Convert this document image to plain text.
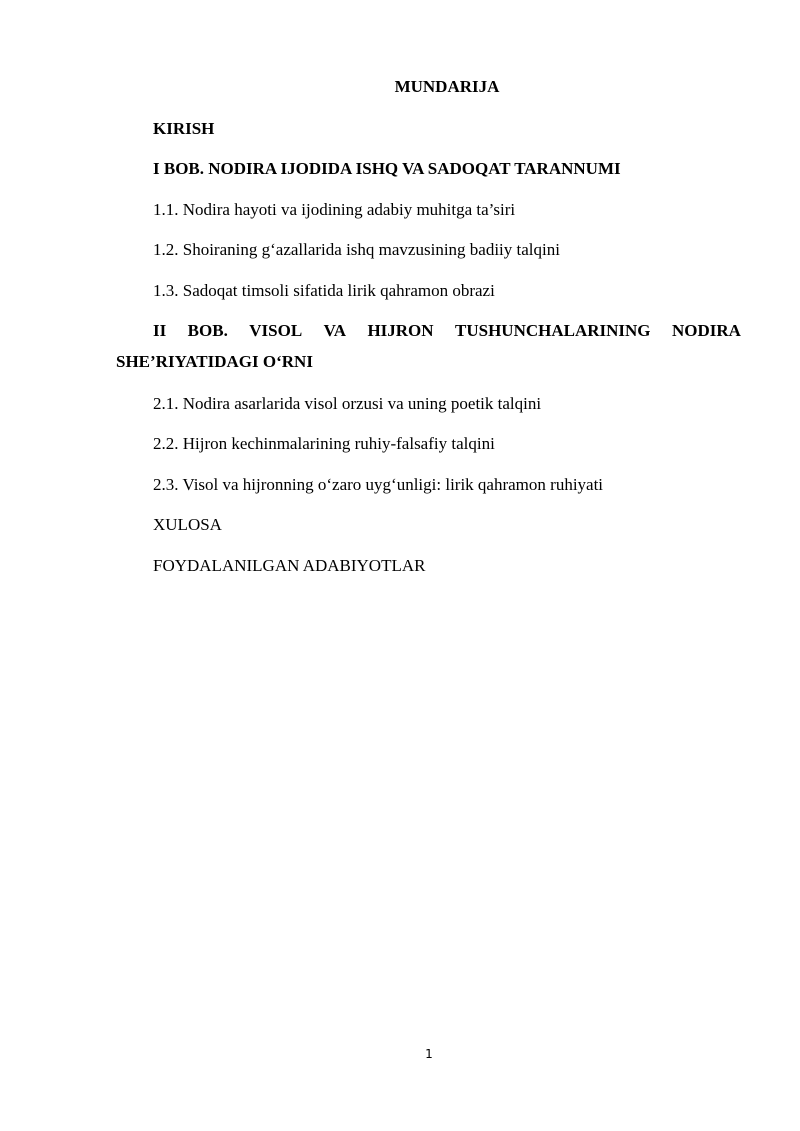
MUNDARIJA
KIRISH
I BOB. NODIRA IJODIDA ISHQ VA SADOQAT TARANNUMI
1.1. Nodira hayoti va ijodining adabiy muhitga ta’siri
1.2. Shoiraning g‘azallarida ishq mavzusining badiiy talqini
1.3. Sadoqat timsoli sifatida lirik qahramon obrazi
II BOB. VISOL VA HIJRON TUSHUNCHALARINING NODIRA
SHE’RIYATIDAGI O‘RNI
2.1. Nodira asarlarida visol orzusi va uning poetik talqini
2.2. Hijron kechinmalarining ruhiy-falsafiy talqini
2.3. Visol va hijronning o‘zaro uyg‘unligi: lirik qahramon ruhiyati
XULOSA
FOYDALANILGAN ADABIYOTLAR
1
